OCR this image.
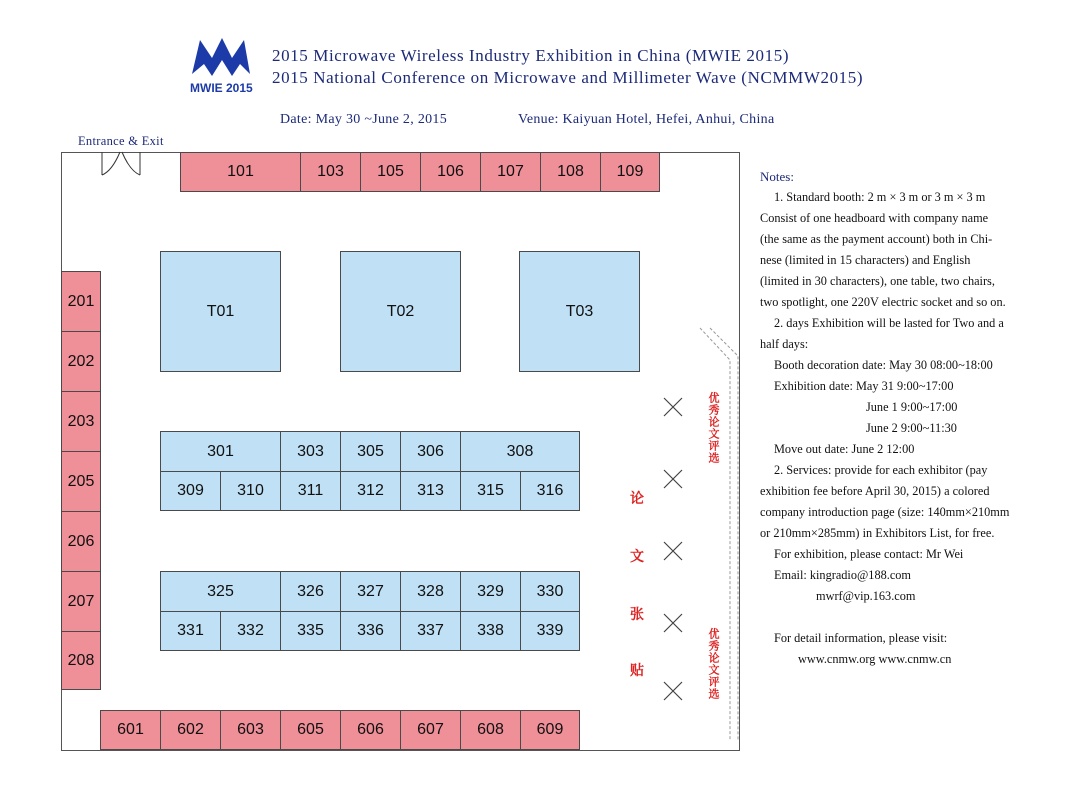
MWIE 2015
2015 Microwave Wireless Industry Exhibition in China (MWIE 2015)
2015 National Conference on Microwave and Millimeter Wave (NCMMW2015)
Date: May 30 ~June 2, 2015	Venue: Kaiyuan Hotel, Hefei, Anhui, China
Entrance & Exit
101	103	105	106	107	108	109
T01	T02	T03
201
202
203
205
206
207
208
301	303	305	306	308
309	310	311	312	313	315	316
325	326	327	328	329	330
331	332	335	336	337	338	339
601	602	603	605	606	607	608	609
优秀论文评选
优秀论文评选
论
文
张
贴
Notes:
1. Standard booth: 2 m × 3 m or 3 m × 3 m
Consist of one headboard with company name
(the same as the payment account) both in Chi-
nese (limited in 15 characters) and English
(limited in 30 characters), one table, two chairs,
two spotlight, one 220V electric socket and so on.
2. days Exhibition will be lasted for Two and a
half days:
Booth decoration date: May 30 08:00~18:00
Exhibition date: May 31 9:00~17:00
June 1 9:00~17:00
June 2 9:00~11:30
Move out date: June 2 12:00
2. Services: provide for each exhibitor (pay
exhibition fee before April 30, 2015) a colored
company introduction page (size: 140mm×210mm
or 210mm×285mm) in Exhibitors List, for free.
For exhibition, please contact: Mr Wei
Email: kingradio@188.com
mwrf@vip.163.com
For detail information, please visit:
www.cnmw.org www.cnmw.cn
